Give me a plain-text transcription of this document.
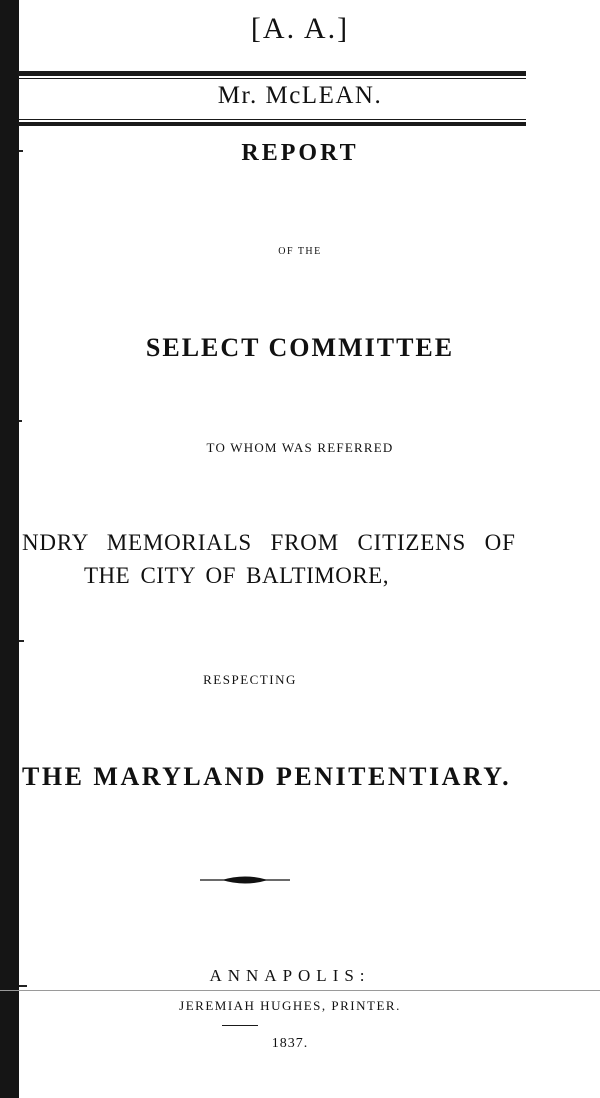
[A. A.]

Mr. McLEAN.

REPORT

OF THE

SELECT COMMITTEE

TO WHOM WAS REFERRED

NDRY MEMORIALS FROM CITIZENS OF

THE CITY OF BALTIMORE,

RESPECTING

THE MARYLAND PENITENTIARY.

ANNAPOLIS:

JEREMIAH HUGHES, PRINTER.

1837.
